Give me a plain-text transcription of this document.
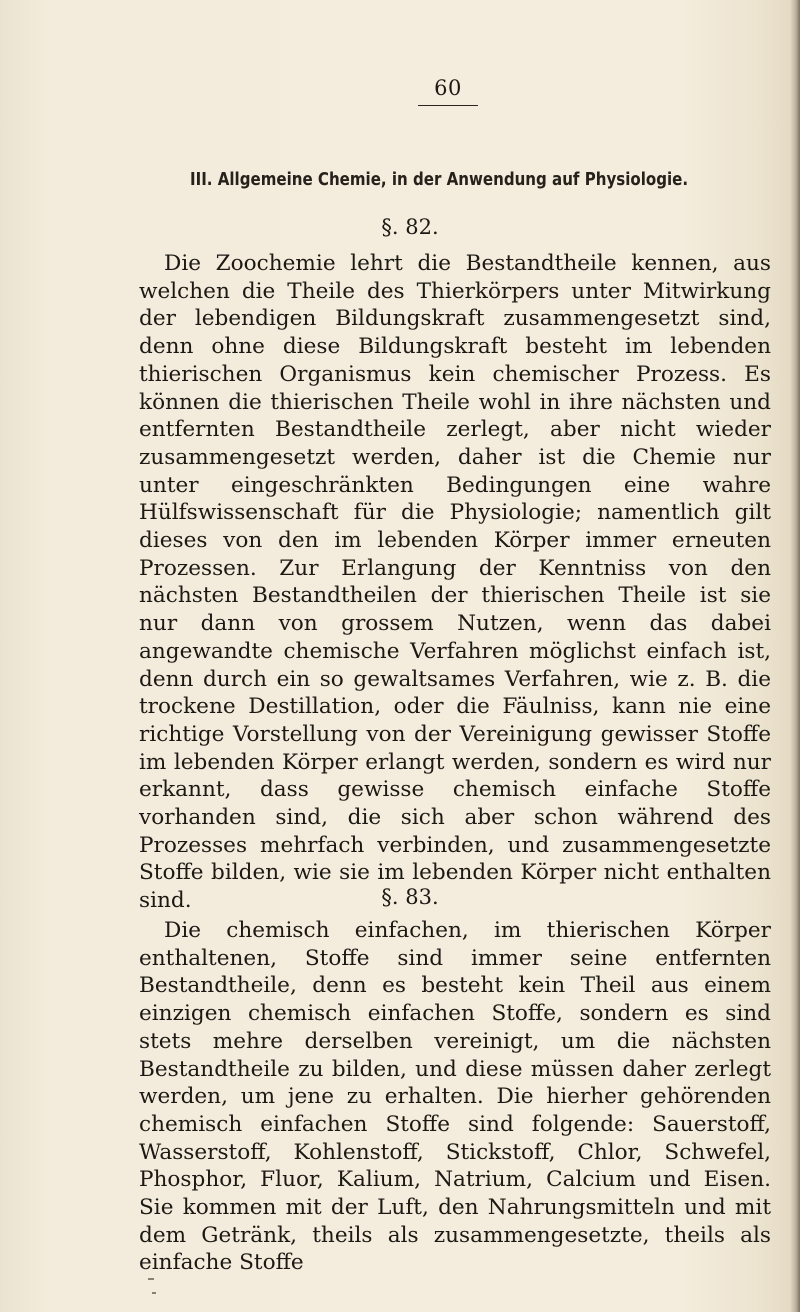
60
III. Allgemeine Chemie, in der Anwendung auf Physiologie.
§. 82.

Die Zoochemie lehrt die Bestandtheile kennen, aus welchen die Theile des Thierkörpers unter Mitwirkung der lebendigen Bildungskraft zusammengesetzt sind, denn ohne diese Bildungskraft besteht im lebenden thierischen Organismus kein chemischer Prozess. Es können die thierischen Theile wohl in ihre nächsten und entfernten Bestandtheile zerlegt, aber nicht wieder zusammengesetzt werden, daher ist die Chemie nur unter eingeschränkten Bedingungen eine wahre Hülfswissenschaft für die Physiologie; namentlich gilt dieses von den im lebenden Körper immer erneuten Prozessen. Zur Erlangung der Kenntniss von den nächsten Bestandtheilen der thierischen Theile ist sie nur dann von grossem Nutzen, wenn das dabei angewandte chemische Verfahren möglichst einfach ist, denn durch ein so gewaltsames Verfahren, wie z. B. die trockene Destillation, oder die Fäulniss, kann nie eine richtige Vorstellung von der Vereinigung gewisser Stoffe im lebenden Körper erlangt werden, sondern es wird nur erkannt, dass gewisse chemisch einfache Stoffe vorhanden sind, die sich aber schon während des Prozesses mehrfach verbinden, und zusammengesetzte Stoffe bilden, wie sie im lebenden Körper nicht enthalten sind.	§. 83.

Die chemisch einfachen, im thierischen Körper enthaltenen, Stoffe sind immer seine entfernten Bestandtheile, denn es besteht kein Theil aus einem einzigen chemisch einfachen Stoffe, sondern es sind stets mehre derselben vereinigt, um die nächsten Bestandtheile zu bilden, und diese müssen daher zerlegt werden, um jene zu erhalten. Die hierher gehörenden chemisch einfachen Stoffe sind folgende: Sauerstoff, Wasserstoff, Kohlenstoff, Stickstoff, Chlor, Schwefel, Phosphor, Fluor, Kalium, Natrium, Calcium und Eisen. Sie kommen mit der Luft, den Nahrungsmitteln und mit dem Getränk, theils als zusammengesetzte, theils als einfache Stoffe
